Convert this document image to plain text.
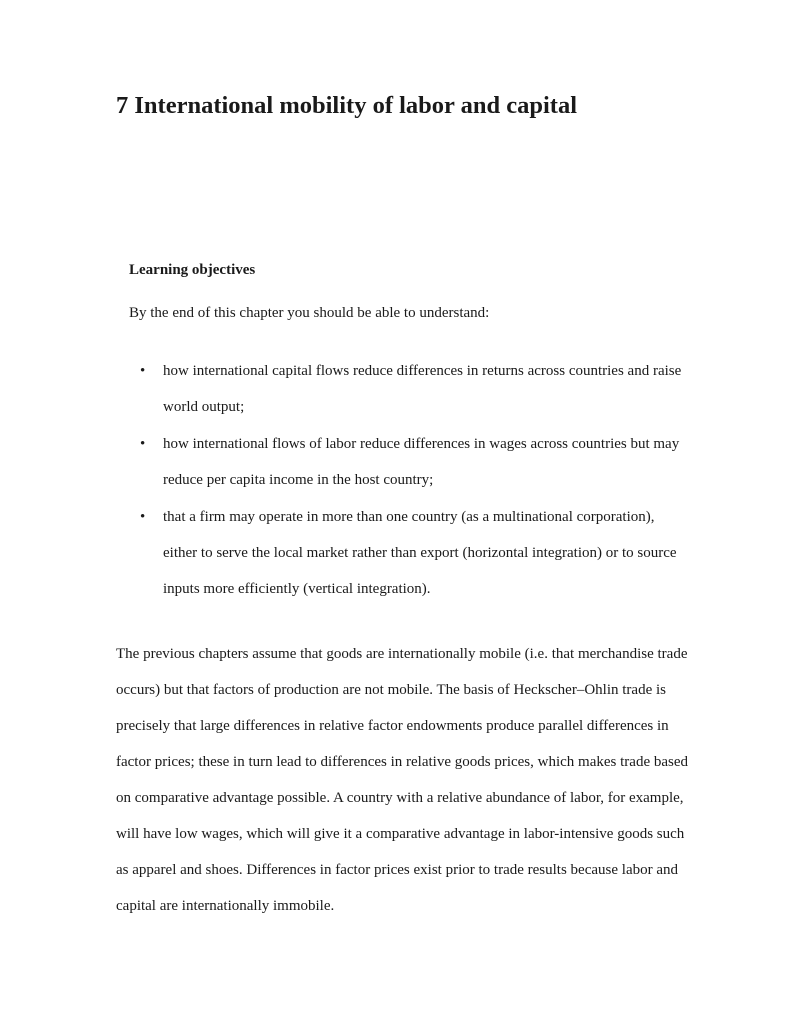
7 International mobility of labor and capital
Learning objectives

By the end of this chapter you should be able to understand:

• how international capital flows reduce differences in returns across countries and raise world output;
• how international flows of labor reduce differences in wages across countries but may reduce per capita income in the host country;
• that a firm may operate in more than one country (as a multinational corporation), either to serve the local market rather than export (horizontal integration) or to source inputs more efficiently (vertical integration).

The previous chapters assume that goods are internationally mobile (i.e. that merchandise trade occurs) but that factors of production are not mobile. The basis of Heckscher–Ohlin trade is precisely that large differences in relative factor endowments produce parallel differences in factor prices; these in turn lead to differences in relative goods prices, which makes trade based on comparative advantage possible. A country with a relative abundance of labor, for example, will have low wages, which will give it a comparative advantage in labor-intensive goods such as apparel and shoes. Differences in factor prices exist prior to trade results because labor and capital are internationally immobile.
